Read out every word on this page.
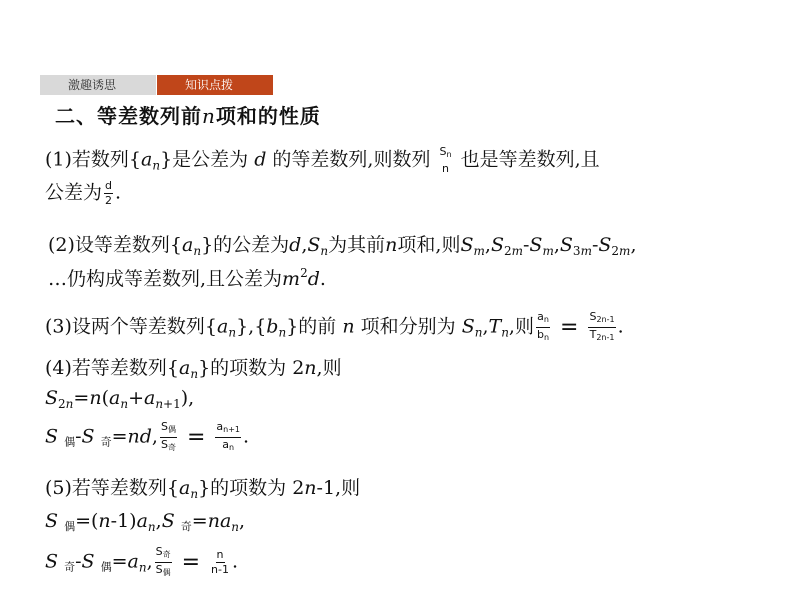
激趣诱思	知识点拨
二、等差数列前n项和的性质
(1)若数列$\{a_n\}$是公差为 d 的等差数列,则数列 Sn
n 也是等差数列,且
公差为 $\frac{d}{2}$ .
(2)设等差数列$\{a_n\}$的公差为$d,S_n$为其前n项和,则$S_m,S_{2m}-S_m,S_{3m}-S_{2m}$,
…仍构成等差数列,且公差为$m^2d$.
(3)设两个等差数列$\{a_n\},\{b_n\}$的前 n 项和分别为 $S_n,T_n$,则 $\frac{an}{bn} = \frac{S2n-1}{T2n-1}$ .
(4)若等差数列$\{a_n\}$的项数为 2n,则
$S_{2n}=n(a_n+a_{n+1})$,
S 偶-S 奇=nd, $\frac{\text{S偶}}{\text{S奇}} = \frac{an+1}{an}$ .
(5)若等差数列$\{a_n\}$的项数为 2n-1,则
S 偶$=(n-1)a_n,S$ 奇$=na_n$,
S 奇-S 偶$=a_n$, $\frac{\text{S奇}}{\text{S偶}} = \frac{n}{n-1}$ .
